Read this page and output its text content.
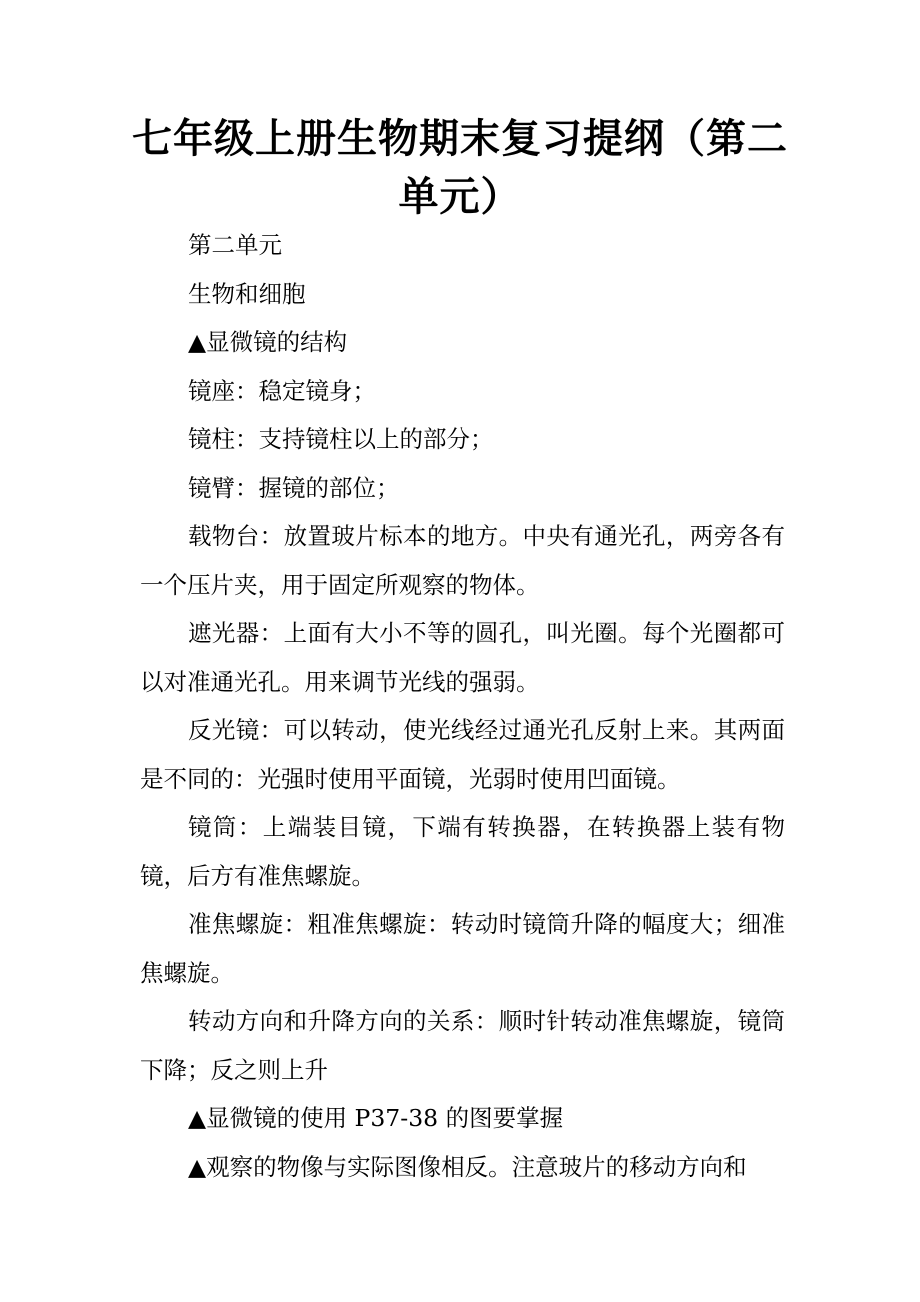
七年级上册生物期末复习提纲（第二单元）

第二单元

生物和细胞

▲显微镜的结构

镜座：稳定镜身；

镜柱：支持镜柱以上的部分；

镜臂：握镜的部位；

载物台：放置玻片标本的地方。中央有通光孔，两旁各有一个压片夹，用于固定所观察的物体。

遮光器：上面有大小不等的圆孔，叫光圈。每个光圈都可以对准通光孔。用来调节光线的强弱。

反光镜：可以转动，使光线经过通光孔反射上来。其两面是不同的：光强时使用平面镜，光弱时使用凹面镜。

镜筒：上端装目镜，下端有转换器，在转换器上装有物镜，后方有准焦螺旋。

准焦螺旋：粗准焦螺旋：转动时镜筒升降的幅度大；细准焦螺旋。

转动方向和升降方向的关系：顺时针转动准焦螺旋，镜筒下降；反之则上升

▲显微镜的使用 P37-38 的图要掌握

▲观察的物像与实际图像相反。注意玻片的移动方向和
